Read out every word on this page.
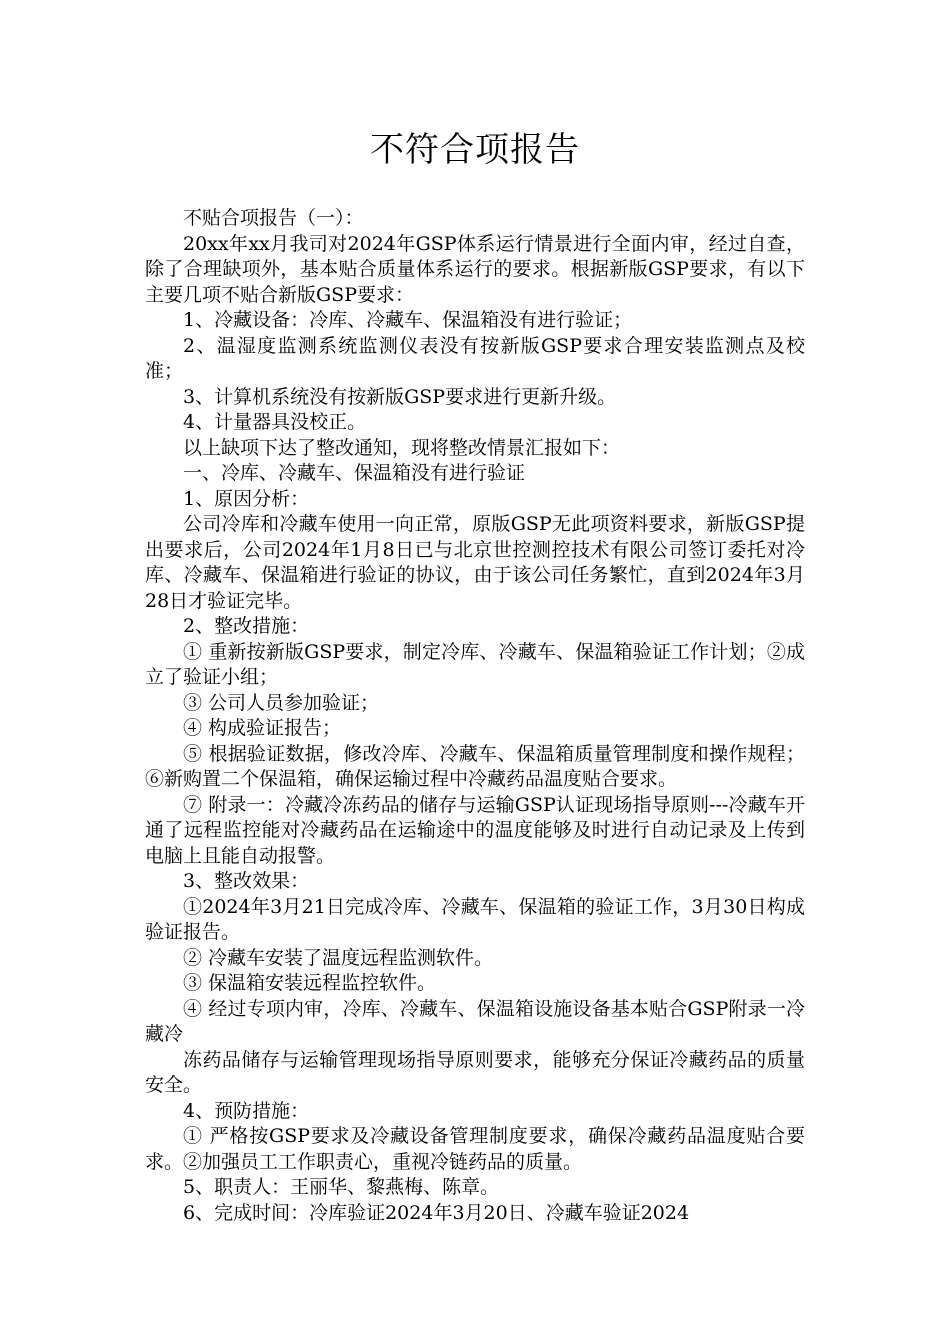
不符合项报告

不贴合项报告（一）：

20xx年xx月我司对2024年GSP体系运行情景进行全面内审，经过自查，除了合理缺项外，基本贴合质量体系运行的要求。根据新版GSP要求，有以下主要几项不贴合新版GSP要求：

1、冷藏设备：冷库、冷藏车、保温箱没有进行验证；

2、温湿度监测系统监测仪表没有按新版GSP要求合理安装监测点及校准；

3、计算机系统没有按新版GSP要求进行更新升级。

4、计量器具没校正。

以上缺项下达了整改通知，现将整改情景汇报如下：

一、冷库、冷藏车、保温箱没有进行验证

1、原因分析：

公司冷库和冷藏车使用一向正常，原版GSP无此项资料要求，新版GSP提出要求后，公司2024年1月8日已与北京世控测控技术有限公司签订委托对冷库、冷藏车、保温箱进行验证的协议，由于该公司任务繁忙，直到2024年3月28日才验证完毕。

2、整改措施：

① 重新按新版GSP要求，制定冷库、冷藏车、保温箱验证工作计划；②成立了验证小组；

③ 公司人员参加验证；

④ 构成验证报告；

⑤ 根据验证数据，修改冷库、冷藏车、保温箱质量管理制度和操作规程；⑥新购置二个保温箱，确保运输过程中冷藏药品温度贴合要求。

⑦ 附录一：冷藏冷冻药品的储存与运输GSP认证现场指导原则---冷藏车开通了远程监控能对冷藏药品在运输途中的温度能够及时进行自动记录及上传到电脑上且能自动报警。

3、整改效果：

①2024年3月21日完成冷库、冷藏车、保温箱的验证工作，3月30日构成验证报告。

② 冷藏车安装了温度远程监测软件。

③ 保温箱安装远程监控软件。

④ 经过专项内审，冷库、冷藏车、保温箱设施设备基本贴合GSP附录一冷藏冷

冻药品储存与运输管理现场指导原则要求，能够充分保证冷藏药品的质量安全。

4、预防措施：

① 严格按GSP要求及冷藏设备管理制度要求，确保冷藏药品温度贴合要求。②加强员工工作职责心，重视冷链药品的质量。

5、职责人：王丽华、黎燕梅、陈章。

6、完成时间：冷库验证2024年3月20日、冷藏车验证2024
